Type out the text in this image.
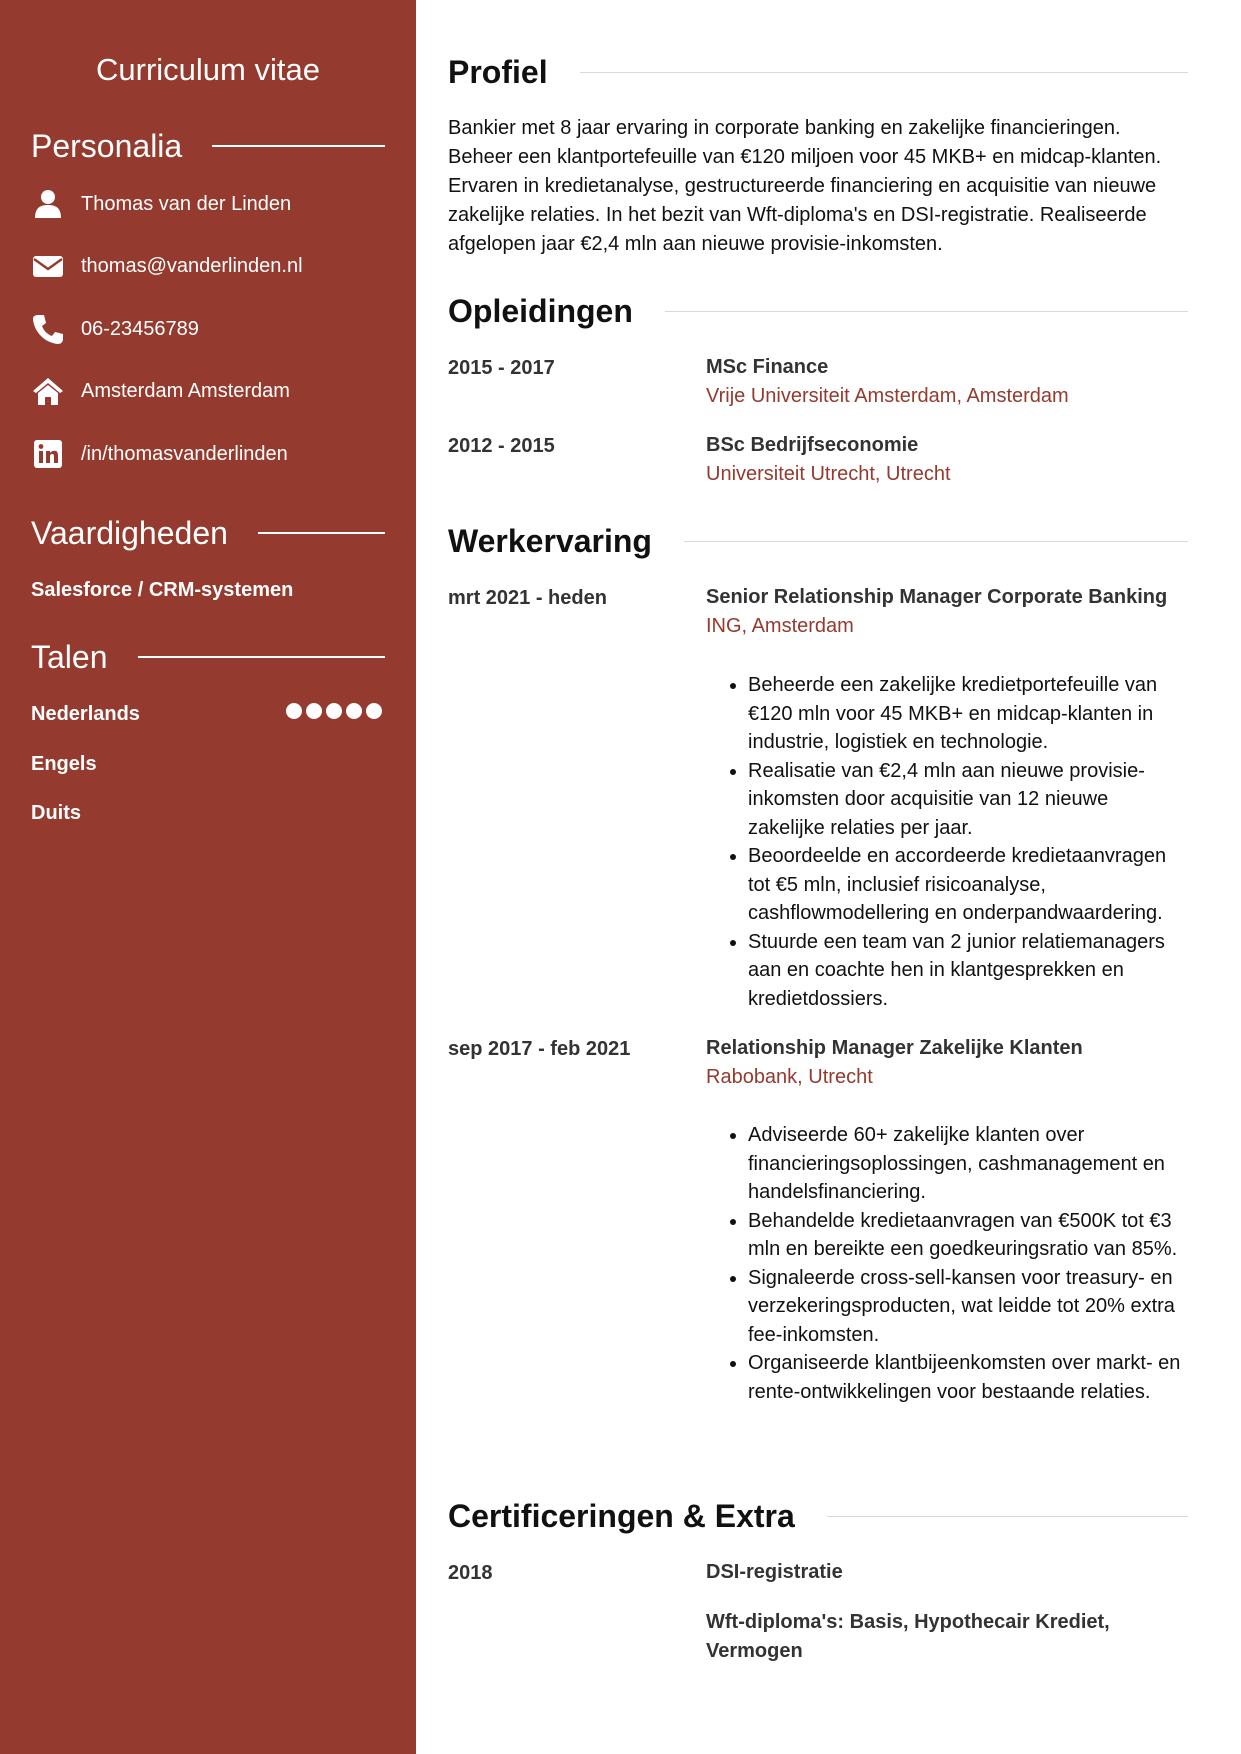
Curriculum vitae
Personalia
Thomas van der Linden
thomas@vanderlinden.nl
06-23456789
Amsterdam Amsterdam
/in/thomasvanderlinden
Vaardigheden
Salesforce / CRM-systemen
Talen
Nederlands
Engels
Duits
Profiel

Bankier met 8 jaar ervaring in corporate banking en zakelijke financieringen. Beheer een klantportefeuille van €120 miljoen voor 45 MKB+ en midcap-klanten. Ervaren in kredietanalyse, gestructureerde financiering en acquisitie van nieuwe zakelijke relaties. In het bezit van Wft-diploma's en DSI-registratie. Realiseerde afgelopen jaar €2,4 mln aan nieuwe provisie-inkomsten.

Opleidingen
2015 - 2017	MSc Finance
Vrije Universiteit Amsterdam, Amsterdam
2012 - 2015	BSc Bedrijfseconomie
Universiteit Utrecht, Utrecht
Werkervaring
mrt 2021 - heden	Senior Relationship Manager Corporate Banking
ING, Amsterdam
• Beheerde een zakelijke kredietportefeuille van €120 mln voor 45 MKB+ en midcap-klanten in industrie, logistiek en technologie.
• Realisatie van €2,4 mln aan nieuwe provisie-inkomsten door acquisitie van 12 nieuwe zakelijke relaties per jaar.
• Beoordeelde en accordeerde kredietaanvragen tot €5 mln, inclusief risicoanalyse, cashflowmodellering en onderpandwaardering.
• Stuurde een team van 2 junior relatiemanagers aan en coachte hen in klantgesprekken en kredietdossiers.
sep 2017 - feb 2021	Relationship Manager Zakelijke Klanten
Rabobank, Utrecht
• Adviseerde 60+ zakelijke klanten over financieringsoplossingen, cashmanagement en handelsfinanciering.
• Behandelde kredietaanvragen van €500K tot €3 mln en bereikte een goedkeuringsratio van 85%.
• Signaleerde cross-sell-kansen voor treasury- en verzekeringsproducten, wat leidde tot 20% extra fee-inkomsten.
• Organiseerde klantbijeenkomsten over markt- en rente-ontwikkelingen voor bestaande relaties.
Certificeringen & Extra
2018	DSI-registratie
Wft-diploma's: Basis, Hypothecair Krediet, Vermogen
